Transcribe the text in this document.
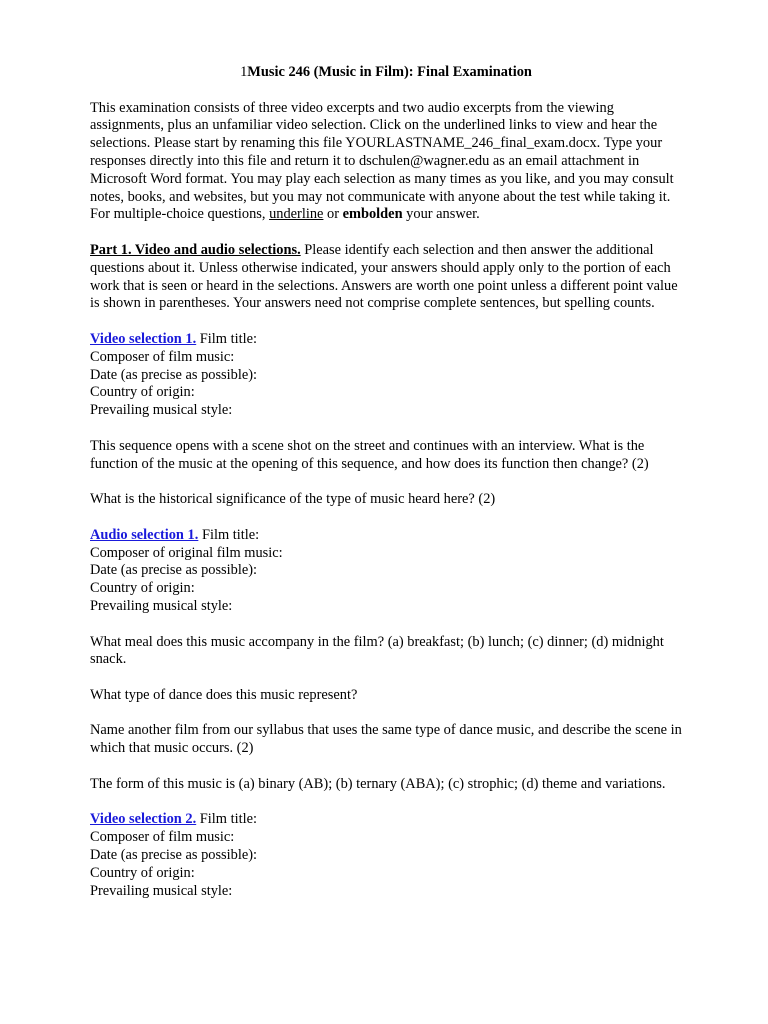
1Music 246 (Music in Film): Final Examination

This examination consists of three video excerpts and two audio excerpts from the viewing assignments, plus an unfamiliar video selection. Click on the underlined links to view and hear the selections. Please start by renaming this file YOURLASTNAME_246_final_exam.docx. Type your responses directly into this file and return it to dschulen@wagner.edu as an email attachment in Microsoft Word format. You may play each selection as many times as you like, and you may consult notes, books, and websites, but you may not communicate with anyone about the test while taking it. For multiple-choice questions, underline or embolden your answer.

Part 1. Video and audio selections. Please identify each selection and then answer the additional questions about it. Unless otherwise indicated, your answers should apply only to the portion of each work that is seen or heard in the selections. Answers are worth one point unless a different point value is shown in parentheses. Your answers need not comprise complete sentences, but spelling counts.

Video selection 1. Film title:

Composer of film music:

Date (as precise as possible):

Country of origin:

Prevailing musical style:

This sequence opens with a scene shot on the street and continues with an interview. What is the function of the music at the opening of this sequence, and how does its function then change? (2)

What is the historical significance of the type of music heard here? (2)

Audio selection 1. Film title:

Composer of original film music:

Date (as precise as possible):

Country of origin:

Prevailing musical style:

What meal does this music accompany in the film? (a) breakfast; (b) lunch; (c) dinner; (d) midnight snack.

What type of dance does this music represent?

Name another film from our syllabus that uses the same type of dance music, and describe the scene in which that music occurs. (2)

The form of this music is (a) binary (AB); (b) ternary (ABA); (c) strophic; (d) theme and variations.

Video selection 2. Film title:

Composer of film music:

Date (as precise as possible):

Country of origin:

Prevailing musical style:
